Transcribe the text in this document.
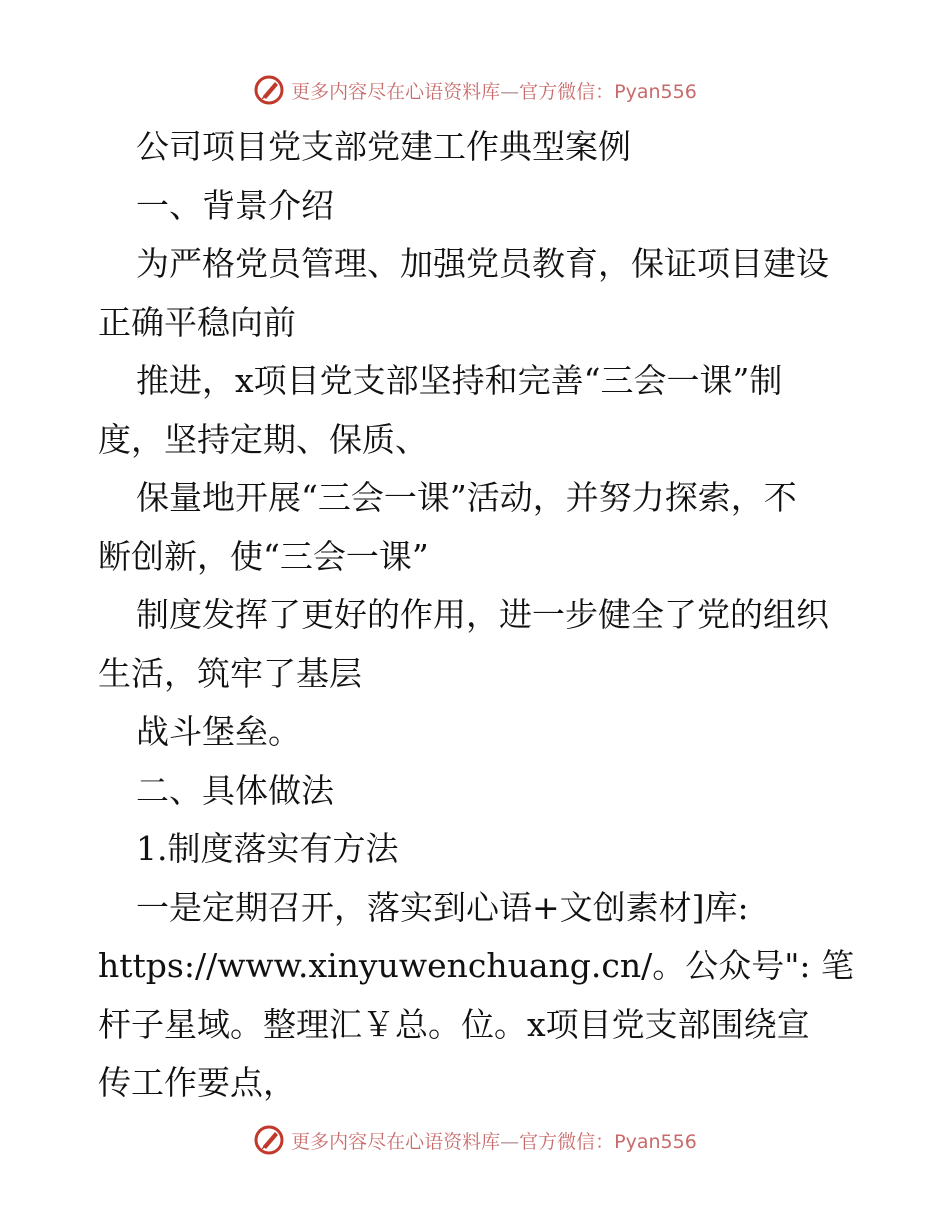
更多内容尽在心语资料库—官方微信：Pyan556
公司项目党支部党建工作典型案例
一、背景介绍
为严格党员管理、加强党员教育，保证项目建设
正确平稳向前
推进，x项目党支部坚持和完善“三会一课”制
度，坚持定期、保质、
保量地开展“三会一课”活动，并努力探索，不
断创新，使“三会一课”
制度发挥了更好的作用，进一步健全了党的组织
生活，筑牢了基层
战斗堡垒。
二、具体做法
1.制度落实有方法
一是定期召开，落实到心语+文创素材]库:
https://www.xinyuwenchuang.cn/。公众号": 笔
杆子星域。整理汇￥总。位。x项目党支部围绕宣
传工作要点，
更多内容尽在心语资料库—官方微信：Pyan556
